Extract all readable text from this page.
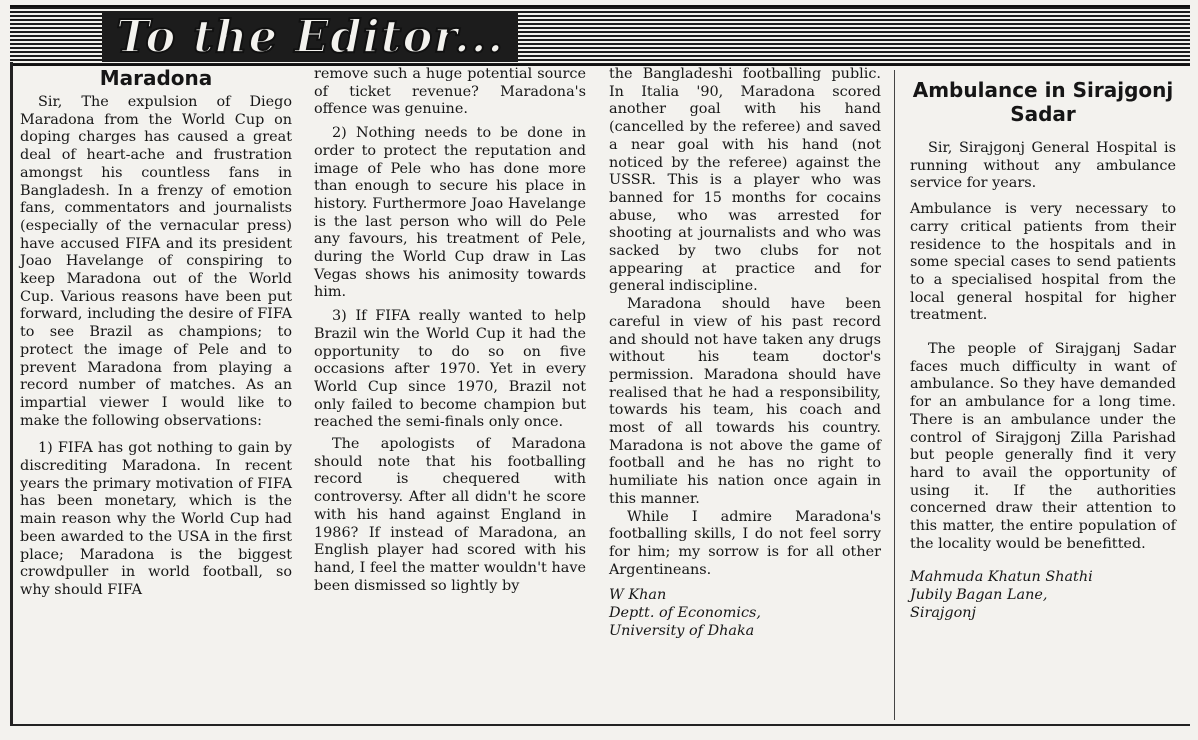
To the Editor...
Maradona

Sir, The expulsion of Diego Maradona from the World Cup on doping charges has caused a great deal of heart-ache and frustration amongst his countless fans in Bangladesh. In a frenzy of emotion fans, commentators and journalists (especially of the vernacular press) have accused FIFA and its president Joao Havelange of conspiring to keep Maradona out of the World Cup. Various reasons have been put forward, including the desire of FIFA to see Brazil as champions; to protect the image of Pele and to prevent Maradona from playing a record number of matches. As an impartial viewer I would like to make the following observations:

1) FIFA has got nothing to gain by discrediting Maradona. In recent years the primary motivation of FIFA has been monetary, which is the main reason why the World Cup had been awarded to the USA in the first place; Maradona is the biggest crowdpuller in world football, so why should FIFA

remove such a huge potential source of ticket revenue? Maradona's offence was genuine.

2) Nothing needs to be done in order to protect the reputation and image of Pele who has done more than enough to secure his place in history. Furthermore Joao Havelange is the last person who will do Pele any favours, his treatment of Pele, during the World Cup draw in Las Vegas shows his animosity towards him.

3) If FIFA really wanted to help Brazil win the World Cup it had the opportunity to do so on five occasions after 1970. Yet in every World Cup since 1970, Brazil not only failed to become champion but reached the semi-finals only once.

The apologists of Maradona should note that his footballing record is chequered with controversy. After all didn't he score with his hand against England in 1986? If instead of Maradona, an English player had scored with his hand, I feel the matter wouldn't have been dismissed so lightly by

the Bangladeshi footballing public. In Italia '90, Maradona scored another goal with his hand (cancelled by the referee) and saved a near goal with his hand (not noticed by the referee) against the USSR. This is a player who was banned for 15 months for cocains abuse, who was arrested for shooting at journalists and who was sacked by two clubs for not appearing at practice and for general indiscipline.

Maradona should have been careful in view of his past record and should not have taken any drugs without his team doctor's permission. Maradona should have realised that he had a responsibility, towards his team, his coach and most of all towards his country. Maradona is not above the game of football and he has no right to humiliate his nation once again in this manner.

While I admire Maradona's footballing skills, I do not feel sorry for him; my sorrow is for all other Argentineans.

W Khan

Deptt. of Economics,

University of Dhaka

Ambulance in Sirajgonj Sadar

Sir, Sirajgonj General Hospital is running without any ambulance service for years.

Ambulance is very necessary to carry critical patients from their residence to the hospitals and in some special cases to send patients to a specialised hospital from the local general hospital for higher treatment.

The people of Sirajganj Sadar faces much difficulty in want of ambulance. So they have demanded for an ambulance for a long time. There is an ambulance under the control of Sirajgonj Zilla Parishad but people generally find it very hard to avail the opportunity of using it. If the authorities concerned draw their attention to this matter, the entire population of the locality would be benefitted.

Mahmuda Khatun Shathi

Jubily Bagan Lane,

Sirajgonj
